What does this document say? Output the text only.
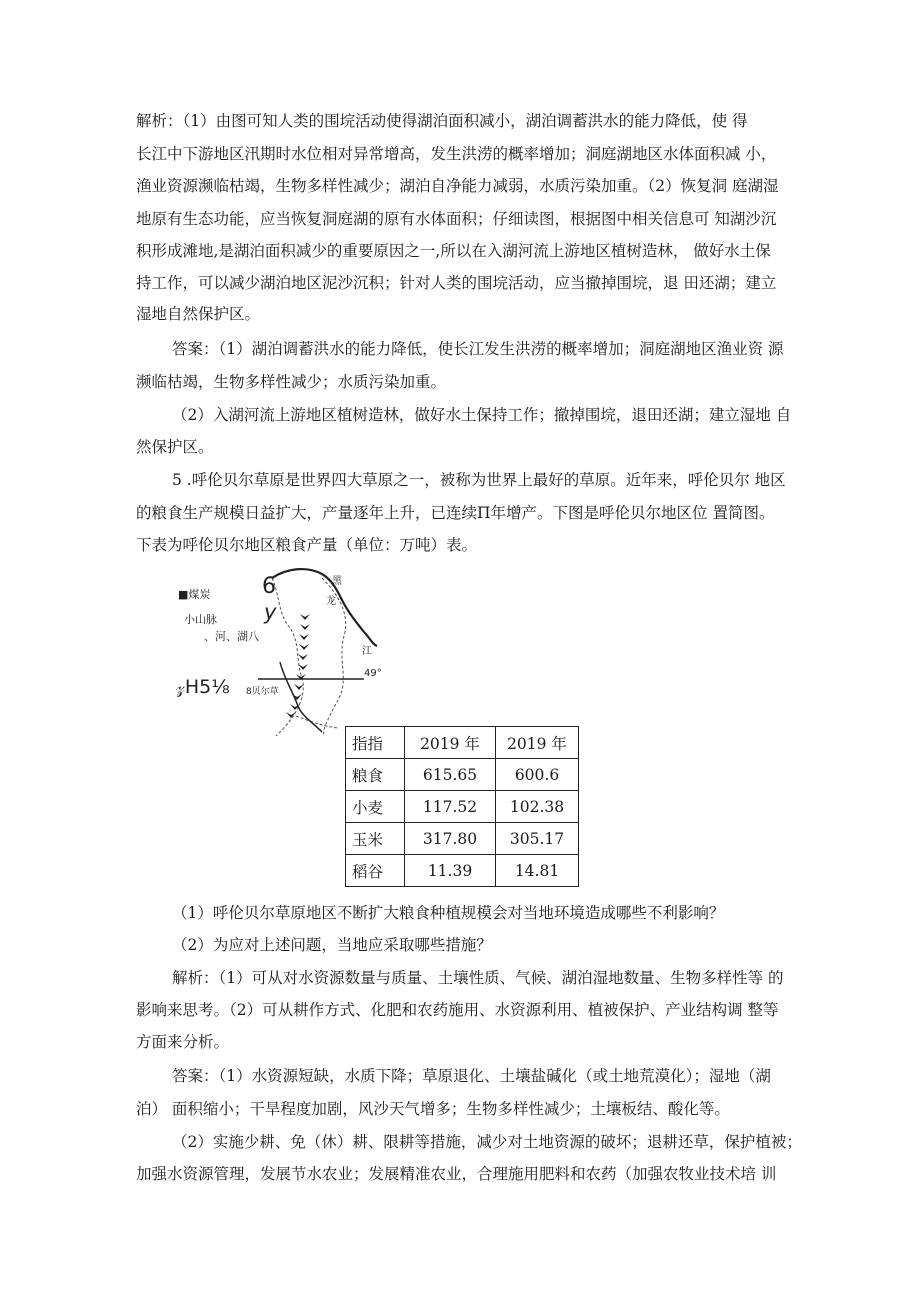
解析：（1）由图可知人类的围垸活动使得湖泊面积减小，湖泊调蓄洪水的能力降低，使 得
长江中下游地区汛期时水位相对异常增高，发生洪涝的概率增加；洞庭湖地区水体面积减 小，
渔业资源濒临枯竭，生物多样性减少；湖泊自净能力减弱，水质污染加重。（2）恢复洞 庭湖湿
地原有生态功能，应当恢复洞庭湖的原有水体面积；仔细读图，根据图中相关信息可 知湖沙沉
积形成滩地,是湖泊面积减少的重要原因之一,所以在入湖河流上游地区植树造林， 做好水土保
持工作，可以减少湖泊地区泥沙沉积；针对人类的围垸活动，应当撤掉围垸，退 田还湖；建立
湿地自然保护区。
答案：（1）湖泊调蓄洪水的能力降低，使长江发生洪涝的概率增加；洞庭湖地区渔业资 源
濒临枯竭，生物多样性减少；水质污染加重。
（2）入湖河流上游地区植树造林，做好水土保持工作；撤掉围垸，退田还湖；建立湿地 自
然保护区。
5 .呼伦贝尔草原是世界四大草原之一，被称为世界上最好的草原。近年来，呼伦贝尔 地区
的粮食生产规模日益扩大，产量逐年上升，已连续Π年增产。下图是呼伦贝尔地区位 置简图。
下表为呼伦贝尔地区粮食产量（单位：万吨）表。
■煤炭
小山脉
、河、湖八
6
y
黑
龙
江
49°
𝓏H5⅛ 8贝尔草
指指	2019 年	2019 年
粮食	615.65	600.6
小麦	117.52	102.38
玉米	317.80	305.17
稻谷	11.39	14.81
（1）呼伦贝尔草原地区不断扩大粮食种植规模会对当地环境造成哪些不利影响？
（2）为应对上述问题，当地应采取哪些措施？
解析：（1）可从对水资源数量与质量、土壤性质、气候、湖泊湿地数量、生物多样性等 的
影响来思考。（2）可从耕作方式、化肥和农药施用、水资源利用、植被保护、产业结构调 整等
方面来分析。
答案：（1）水资源短缺，水质下降；草原退化、土壤盐碱化（或土地荒漠化）；湿地（湖
泊） 面积缩小；干旱程度加剧，风沙天气增多；生物多样性减少；土壤板结、酸化等。
（2）实施少耕、免（休）耕、限耕等措施，减少对土地资源的破坏；退耕还草，保护植被；
加强水资源管理，发展节水农业；发展精准农业，合理施用肥料和农药（加强农牧业技术培 训
